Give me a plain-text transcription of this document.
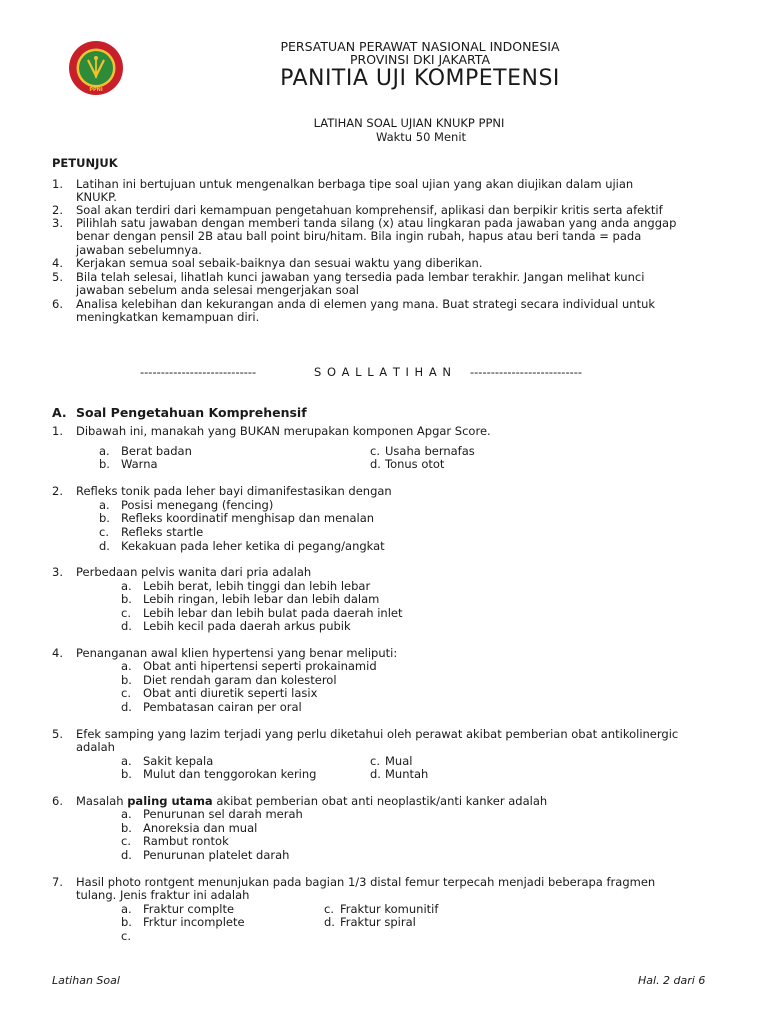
PPNI
PERSATUAN PERAWAT NASIONAL INDONESIA
PROVINSI DKI JAKARTA
PANITIA UJI KOMPETENSI
LATIHAN SOAL UJIAN KNUKP PPNI
Waktu 50 Menit
PETUNJUK
1. Latihan ini bertujuan untuk mengenalkan berbaga tipe soal ujian yang akan diujikan dalam ujian
KNUKP.
2. Soal akan terdiri dari kemampuan pengetahuan komprehensif, aplikasi dan berpikir kritis serta afektif
3. Pilihlah satu jawaban dengan memberi tanda silang (x) atau lingkaran pada jawaban yang anda anggap
benar dengan pensil 2B atau ball point biru/hitam. Bila ingin rubah, hapus atau beri tanda = pada
jawaban sebelumnya.
4. Kerjakan semua soal sebaik-baiknya dan sesuai waktu yang diberikan.
5. Bila telah selesai, lihatlah kunci jawaban yang tersedia pada lembar terakhir. Jangan melihat kunci
jawaban sebelum anda selesai mengerjakan soal
6. Analisa kelebihan dan kekurangan anda di elemen yang mana. Buat strategi secara individual untuk
meningkatkan kemampuan diri.
----------------------------	S O A L L A T I H A N ---------------------------
A. Soal Pengetahuan Komprehensif
1. Dibawah ini, manakah yang BUKAN merupakan komponen Apgar Score.
a. Berat badan
b. Warna
c. Usaha bernafas
d. Tonus otot
2. Refleks tonik pada leher bayi dimanifestasikan dengan
a. Posisi menegang (fencing)
b. Refleks koordinatif menghisap dan menalan
c. Refleks startle
d. Kekakuan pada leher ketika di pegang/angkat
3. Perbedaan pelvis wanita dari pria adalah
a. Lebih berat, lebih tinggi dan lebih lebar
b. Lebih ringan, lebih lebar dan lebih dalam
c. Lebih lebar dan lebih bulat pada daerah inlet
d. Lebih kecil pada daerah arkus pubik
4. Penanganan awal klien hypertensi yang benar meliputi:
a. Obat anti hipertensi seperti prokainamid
b. Diet rendah garam dan kolesterol
c. Obat anti diuretik seperti lasix
d. Pembatasan cairan per oral
5. Efek samping yang lazim terjadi yang perlu diketahui oleh perawat akibat pemberian obat antikolinergic
adalah
a. Sakit kepala
b. Mulut dan tenggorokan kering
c. Mual
d. Muntah
6. Masalah paling utama akibat pemberian obat anti neoplastik/anti kanker adalah
a. Penurunan sel darah merah
b. Anoreksia dan mual
c. Rambut rontok
d. Penurunan platelet darah
7. Hasil photo rontgent menunjukan pada bagian 1/3 distal femur terpecah menjadi beberapa fragmen
tulang. Jenis fraktur ini adalah
a. Fraktur complte
b. Frktur incomplete
c.
c. Fraktur komunitif
d. Fraktur spiral
Latihan Soal	Hal. 2 dari 6
